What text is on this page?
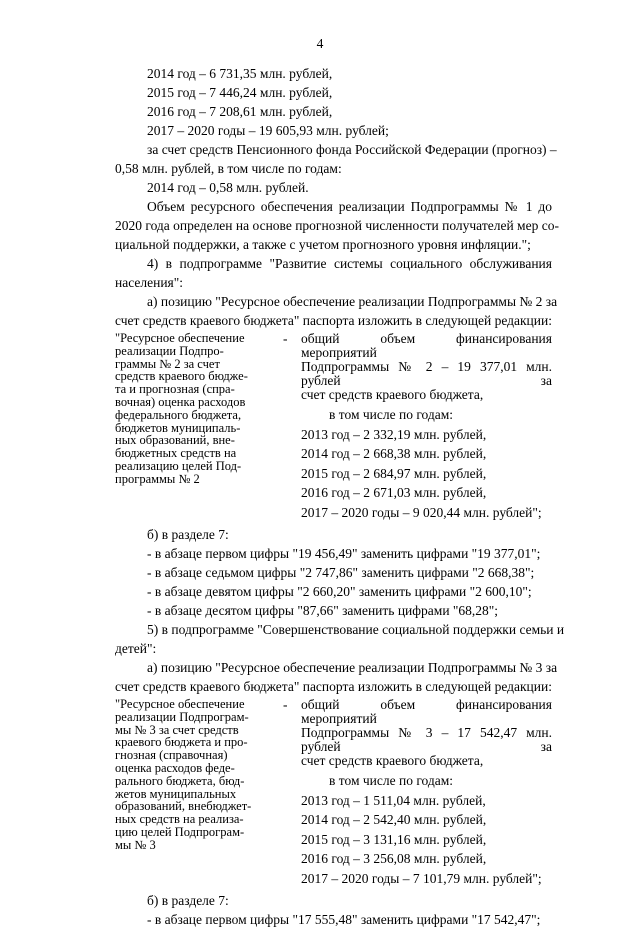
4
2014 год – 6 731,35 млн. рублей,
2015 год – 7 446,24 млн. рублей,
2016 год – 7 208,61 млн. рублей,
2017 – 2020 годы – 19 605,93 млн. рублей;
за счет средств Пенсионного фонда Российской Федерации (прогноз) –
0,58 млн. рублей, в том числе по годам:
2014 год – 0,58 млн. рублей.
Объем ресурсного обеспечения реализации Подпрограммы № 1 до
2020 года определен на основе прогнозной численности получателей мер со-
циальной поддержки, а также с учетом прогнозного уровня инфляции.";
4) в подпрограмме "Развитие системы социального обслуживания
населения":
а) позицию "Ресурсное обеспечение реализации Подпрограммы № 2 за
счет средств краевого бюджета" паспорта изложить в следующей редакции:
"Ресурсное обеспечение
реализации Подпро-
граммы № 2 за счет
средств краевого бюдже-
та и прогнозная (спра-
вочная) оценка расходов
федерального бюджета,
бюджетов муниципаль-
ных образований, вне-
бюджетных средств на
реализацию целей Под-
программы № 2
-	общий объем финансирования мероприятий
Подпрограммы № 2 – 19 377,01 млн. рублей за
счет средств краевого бюджета,
в том числе по годам:
2013 год – 2 332,19 млн. рублей,
2014 год – 2 668,38 млн. рублей,
2015 год – 2 684,97 млн. рублей,
2016 год – 2 671,03 млн. рублей,
2017 – 2020 годы – 9 020,44 млн. рублей";
б) в разделе 7:
- в абзаце первом цифры "19 456,49" заменить цифрами "19 377,01";
- в абзаце седьмом цифры "2 747,86" заменить цифрами "2 668,38";
- в абзаце девятом цифры "2 660,20" заменить цифрами "2 600,10";
- в абзаце десятом цифры "87,66" заменить цифрами "68,28";
5) в подпрограмме "Совершенствование социальной поддержки семьи и
детей":
а) позицию "Ресурсное обеспечение реализации Подпрограммы № 3 за
счет средств краевого бюджета" паспорта изложить в следующей редакции:
"Ресурсное обеспечение
реализации Подпрограм-
мы № 3 за счет средств
краевого бюджета и про-
гнозная (справочная)
оценка расходов феде-
рального бюджета, бюд-
жетов муниципальных
образований, внебюджет-
ных средств на реализа-
цию целей Подпрограм-
мы № 3
-	общий объем финансирования мероприятий
Подпрограммы № 3 – 17 542,47 млн. рублей за
счет средств краевого бюджета,
в том числе по годам:
2013 год – 1 511,04 млн. рублей,
2014 год – 2 542,40 млн. рублей,
2015 год – 3 131,16 млн. рублей,
2016 год – 3 256,08 млн. рублей,
2017 – 2020 годы – 7 101,79 млн. рублей";
б) в разделе 7:
- в абзаце первом цифры "17 555,48" заменить цифрами "17 542,47";
